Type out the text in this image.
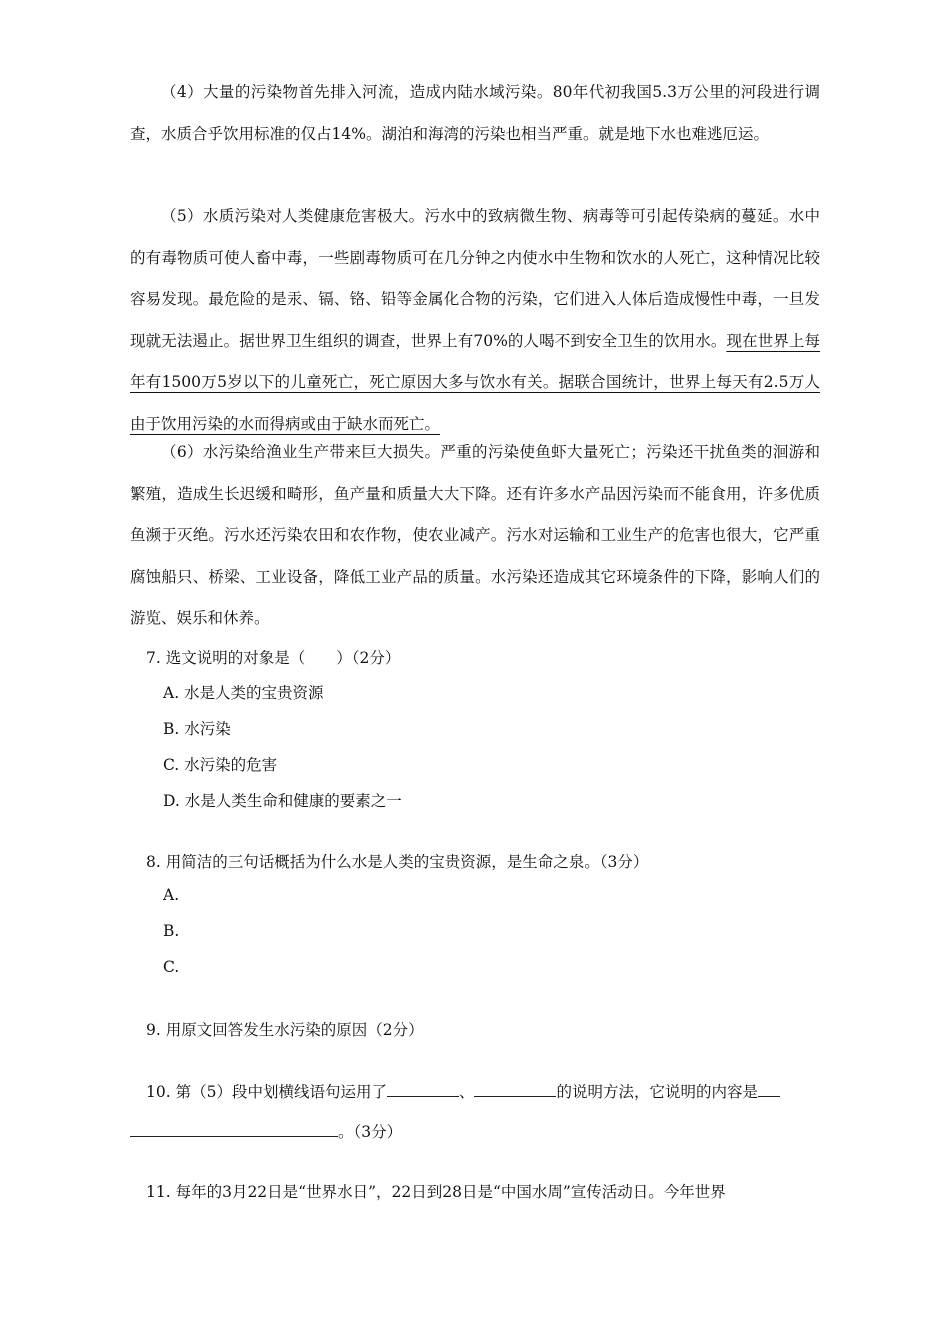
（4）大量的污染物首先排入河流，造成内陆水域污染。80年代初我国5.3万公里的河段进行调查，水质合乎饮用标准的仅占14%。湖泊和海湾的污染也相当严重。就是地下水也难逃厄运。

（5）水质污染对人类健康危害极大。污水中的致病微生物、病毒等可引起传染病的蔓延。水中的有毒物质可使人畜中毒，一些剧毒物质可在几分钟之内使水中生物和饮水的人死亡，这种情况比较容易发现。最危险的是汞、镉、铬、铅等金属化合物的污染，它们进入人体后造成慢性中毒，一旦发现就无法遏止。据世界卫生组织的调查，世界上有70%的人喝不到安全卫生的饮用水。现在世界上每年有1500万5岁以下的儿童死亡，死亡原因大多与饮水有关。据联合国统计，世界上每天有2.5万人由于饮用污染的水而得病或由于缺水而死亡。

（6）水污染给渔业生产带来巨大损失。严重的污染使鱼虾大量死亡；污染还干扰鱼类的洄游和繁殖，造成生长迟缓和畸形，鱼产量和质量大大下降。还有许多水产品因污染而不能食用，许多优质鱼濒于灭绝。污水还污染农田和农作物，使农业减产。污水对运输和工业生产的危害也很大，它严重腐蚀船只、桥梁、工业设备，降低工业产品的质量。水污染还造成其它环境条件的下降，影响人们的游览、娱乐和休养。

7. 选文说明的对象是（　　）（2分）

A. 水是人类的宝贵资源

B. 水污染

C. 水污染的危害

D. 水是人类生命和健康的要素之一

8. 用简洁的三句话概括为什么水是人类的宝贵资源，是生命之泉。（3分）

A.

B.

C.

9. 用原文回答发生水污染的原因（2分）

10. 第（5）段中划横线语句运用了	、	的说明方法，它说明的内容是

。（3分）

11. 每年的3月22日是“世界水日”，22日到28日是“中国水周”宣传活动日。今年世界
